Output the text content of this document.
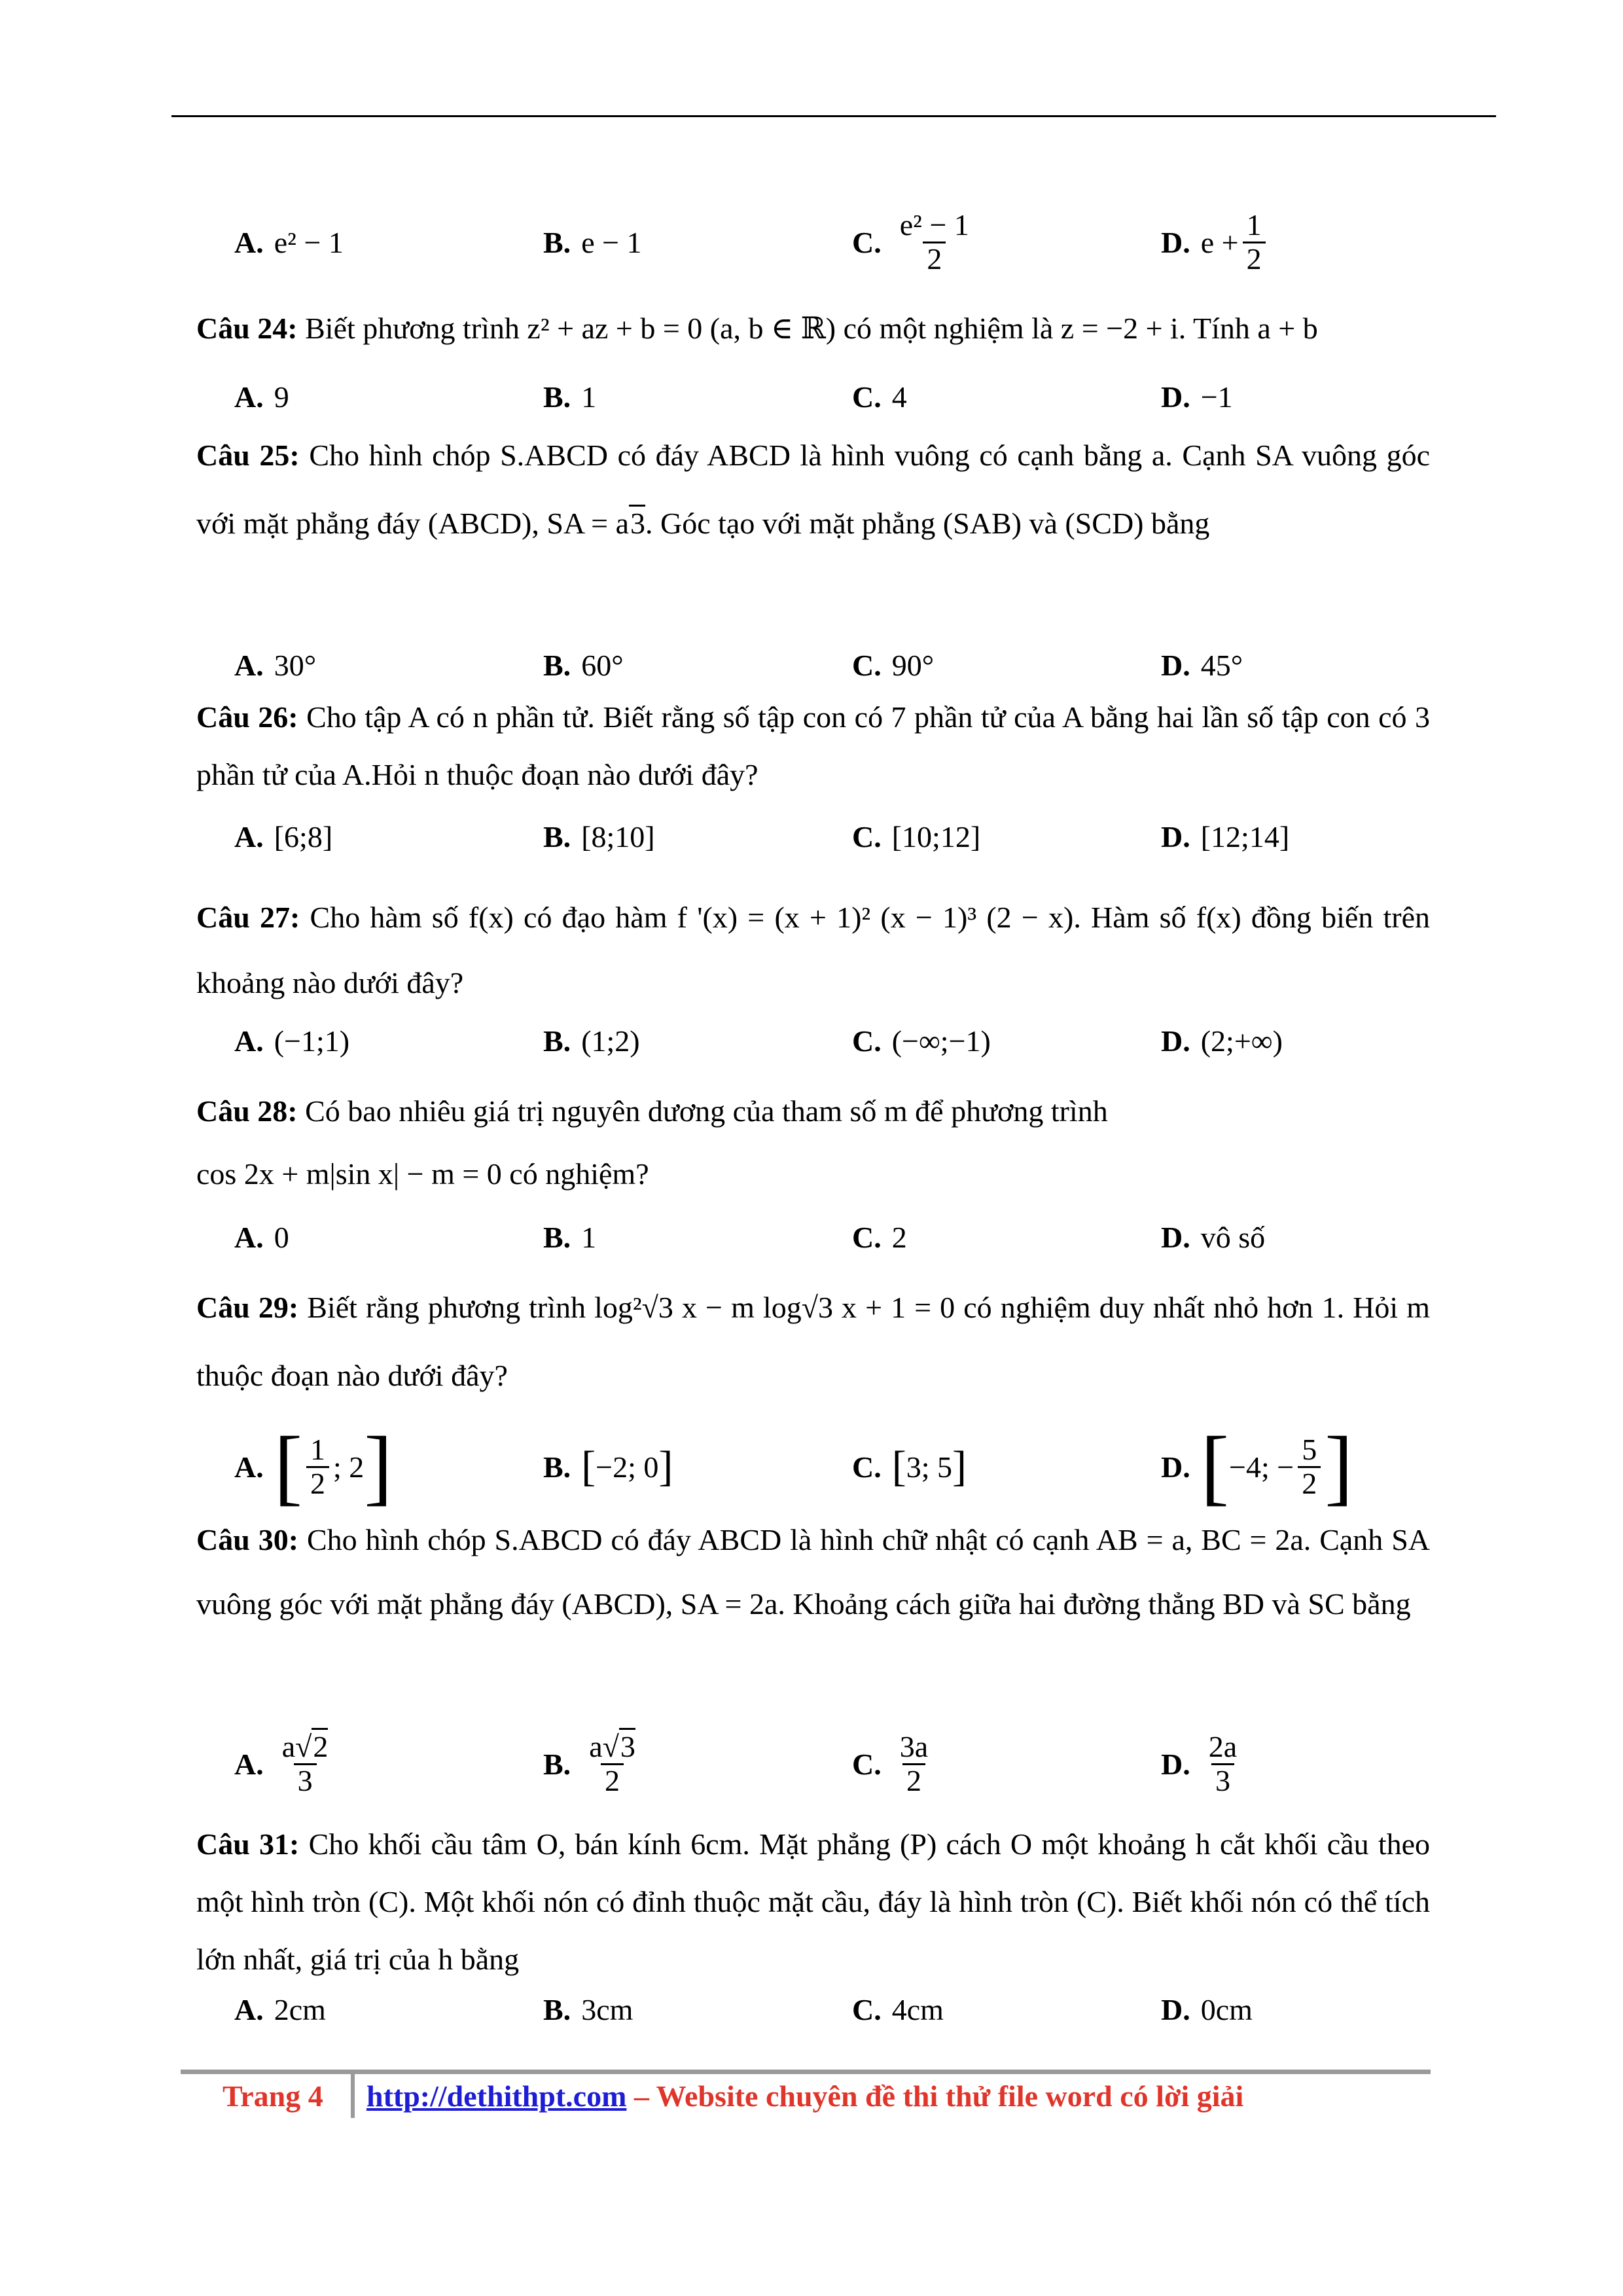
A. e² − 1	B. e − 1	C. $\frac{\text{e² − 1}}{2}$	D. $e + \frac{1}{2}$
Câu 24: Biết phương trình z² + az + b = 0 (a, b ∈ ℝ) có một nghiệm là z = −2 + i. Tính a + b
A. 9	B. 1	C. 4	D. −1
Câu 25: Cho hình chóp S.ABCD có đáy ABCD là hình vuông có cạnh bằng a. Cạnh SA vuông góc với mặt phẳng đáy (ABCD), SA = a3. Góc tạo với mặt phẳng (SAB) và (SCD) bằng
A. 30°	B. 60°	C. 90°	D. 45°
Câu 26: Cho tập A có n phần tử. Biết rằng số tập con có 7 phần tử của A bằng hai lần số tập con có 3 phần tử của A.Hỏi n thuộc đoạn nào dưới đây?
A. [6;8]	B. [8;10]	C. [10;12]	D. [12;14]
Câu 27: Cho hàm số f(x) có đạo hàm f '(x) = (x + 1)² (x − 1)³ (2 − x). Hàm số f(x) đồng biến trên khoảng nào dưới đây?
A. (−1;1)	B. (1;2)	C. (−∞;−1)	D. (2;+∞)
Câu 28: Có bao nhiêu giá trị nguyên dương của tham số m để phương trình
cos 2x + m|sin x| − m = 0 có nghiệm?
A. 0	B. 1	C. 2	D. vô số
Câu 29: Biết rằng phương trình log²√3 x − m log√3 x + 1 = 0 có nghiệm duy nhất nhỏ hơn 1. Hỏi m thuộc đoạn nào dưới đây?
A. [ $\frac{1}{2}$ ; 2 ]	B. [ −2; 0 ]	C. [ 3; 5 ]	D. [ −4; − $\frac{5}{2}$ ]
Câu 30: Cho hình chóp S.ABCD có đáy ABCD là hình chữ nhật có cạnh AB = a, BC = 2a. Cạnh SA vuông góc với mặt phẳng đáy (ABCD), SA = 2a. Khoảng cách giữa hai đường thẳng BD và SC bằng
A. $\frac{a√2}{3}$	B. $\frac{a√3}{2}$	C. $\frac{3a}{2}$	D. $\frac{2a}{3}$
Câu 31: Cho khối cầu tâm O, bán kính 6cm. Mặt phẳng (P) cách O một khoảng h cắt khối cầu theo một hình tròn (C). Một khối nón có đỉnh thuộc mặt cầu, đáy là hình tròn (C). Biết khối nón có thể tích lớn nhất, giá trị của h bằng
A. 2cm	B. 3cm	C. 4cm	D. 0cm
Trang 4 http://dethithpt.com – Website chuyên đề thi thử file word có lời giải
